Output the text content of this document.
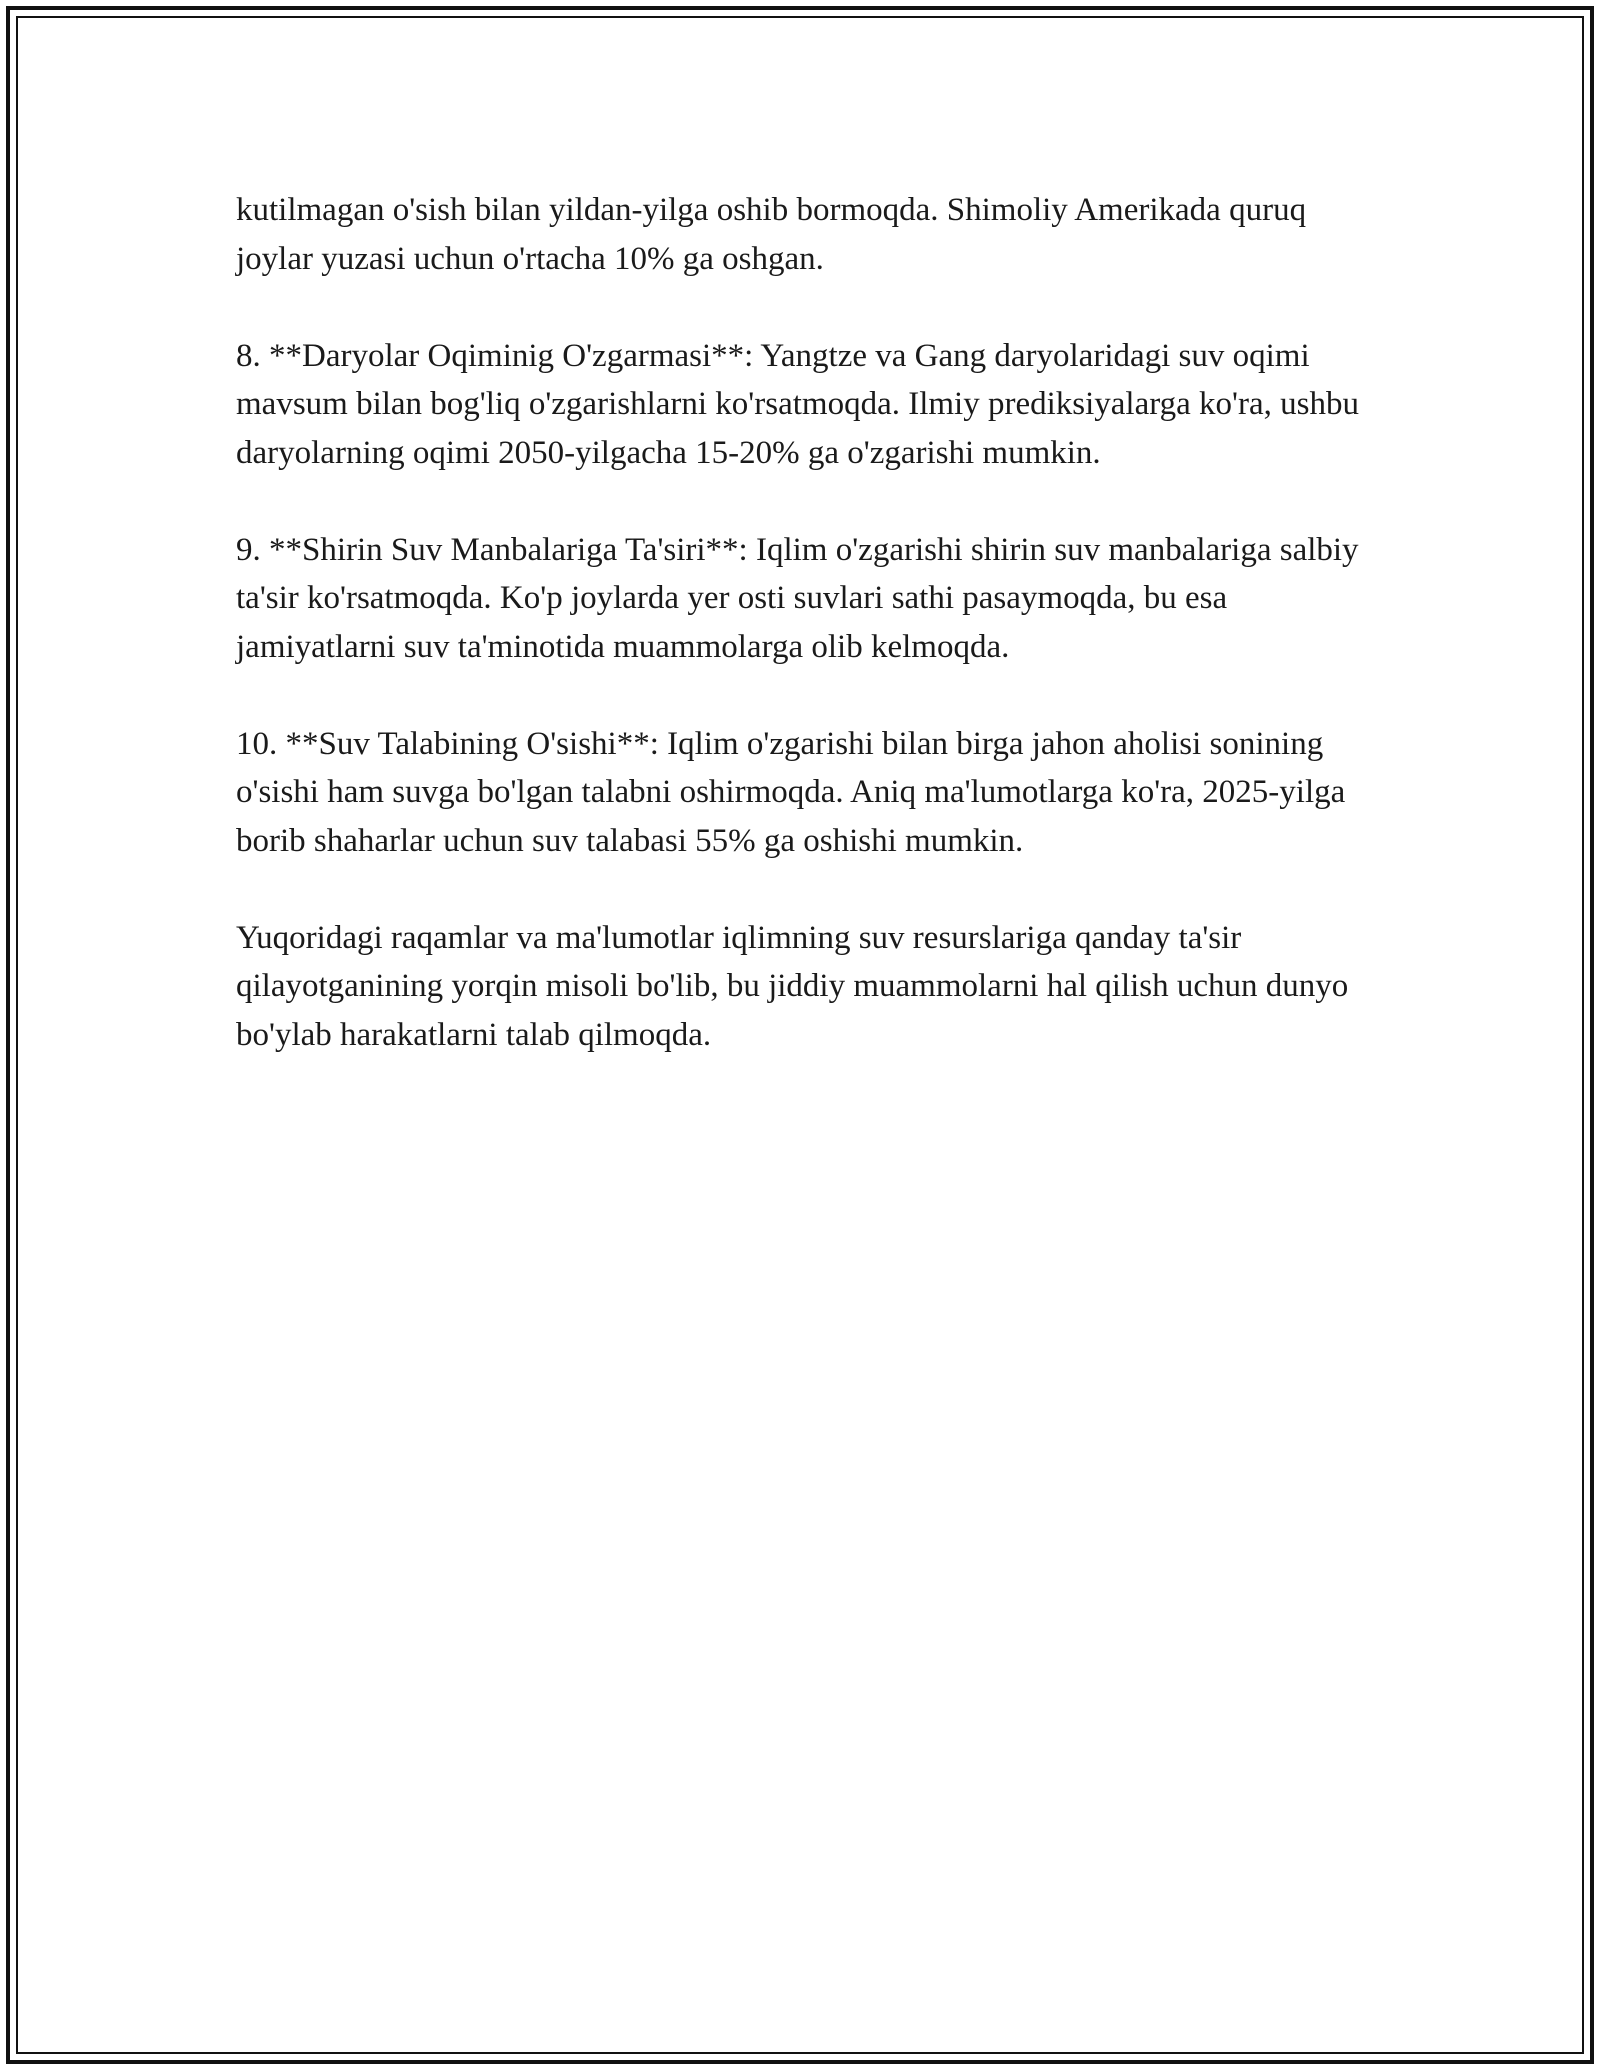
kutilmagan o'sish bilan yildan-yilga oshib bormoqda. Shimoliy Amerikada quruq joylar yuzasi uchun o'rtacha 10% ga oshgan.

8. **Daryolar Oqiminig O'zgarmasi**: Yangtze va Gang daryolaridagi suv oqimi mavsum bilan bog'liq o'zgarishlarni ko'rsatmoqda. Ilmiy prediksiyalarga ko'ra, ushbu daryolarning oqimi 2050-yilgacha 15-20% ga o'zgarishi mumkin.

9. **Shirin Suv Manbalariga Ta'siri**: Iqlim o'zgarishi shirin suv manbalariga salbiy ta'sir ko'rsatmoqda. Ko'p joylarda yer osti suvlari sathi pasaymoqda, bu esa jamiyatlarni suv ta'minotida muammolarga olib kelmoqda.

10. **Suv Talabining O'sishi**: Iqlim o'zgarishi bilan birga jahon aholisi sonining o'sishi ham suvga bo'lgan talabni oshirmoqda. Aniq ma'lumotlarga ko'ra, 2025-yilga borib shaharlar uchun suv talabasi 55% ga oshishi mumkin.

Yuqoridagi raqamlar va ma'lumotlar iqlimning suv resurslariga qanday ta'sir qilayotganining yorqin misoli bo'lib, bu jiddiy muammolarni hal qilish uchun dunyo bo'ylab harakatlarni talab qilmoqda.
